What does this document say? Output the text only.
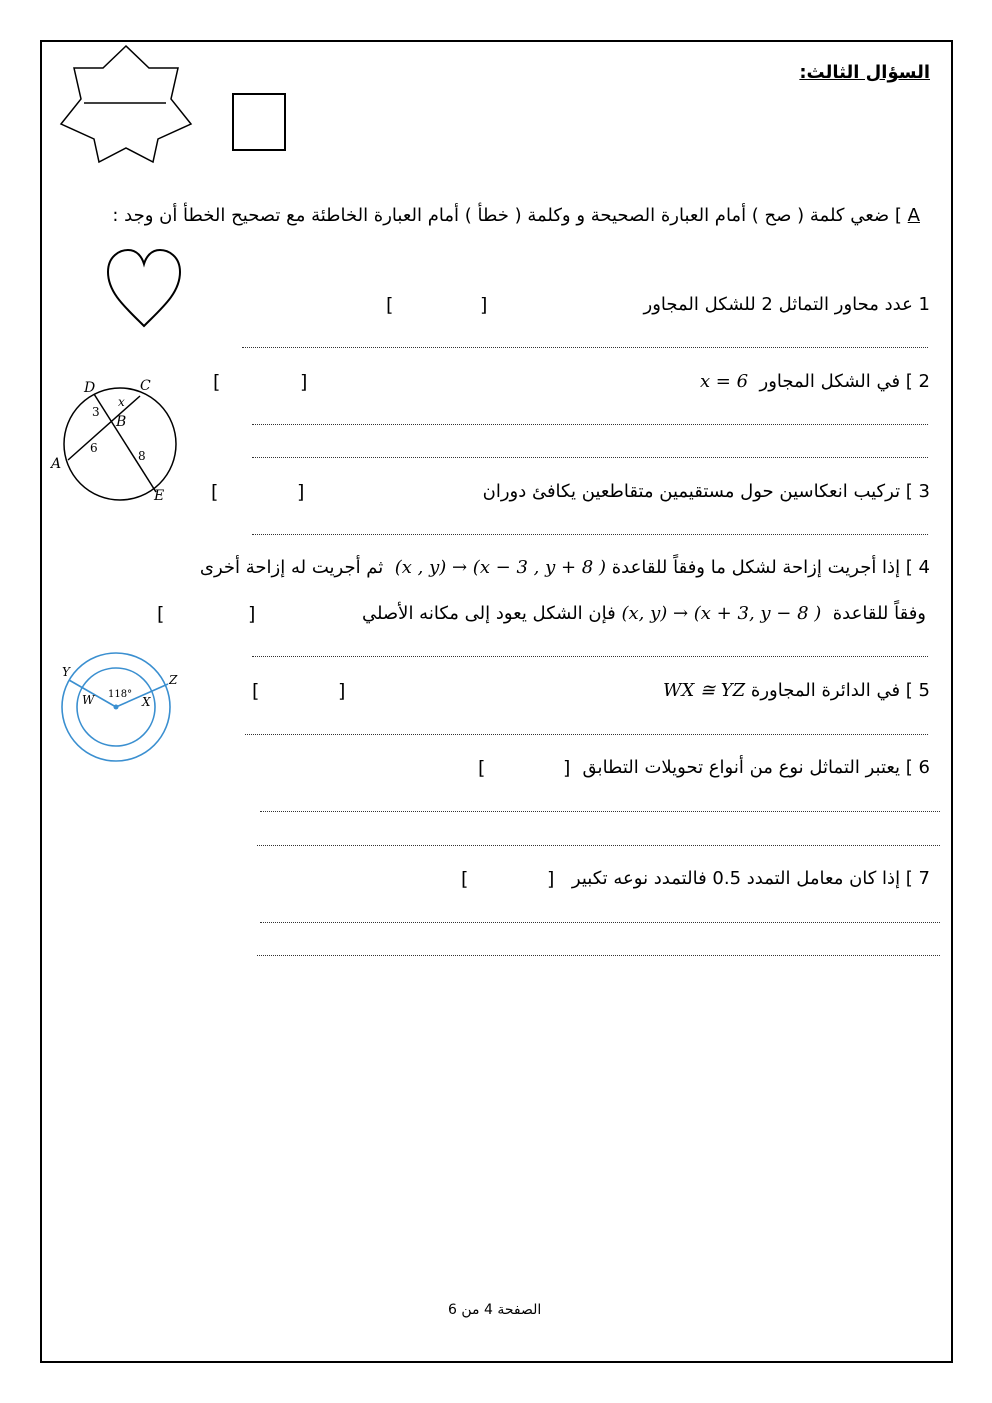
السؤال الثالث:
A ] ضعي كلمة ( صح ) أمام العبارة الصحيحة و وكلمة ( خطأ ) أمام العبارة الخاطئة مع تصحيح الخطأ أن وجد :
1 عدد محاور التماثل 2 للشكل المجاور
[	]
2 ] في الشكل المجاور  x = 6
[	]
D	C
x
3
B
6
A	8
E	3 ] تركيب انعكاسين حول مستقيمين متقاطعين يكافئ دوران
[	]
4 ] إذا أجريت إزاحة لشكل ما وفقاً للقاعدة (x , y) → (x − 3 , y + 8 )  ثم أجريت له إزاحة أخرى
وفقاً للقاعدة  (x, y) → (x + 3, y − 8 ) فإن الشكل يعود إلى مكانه الأصلي
[	]
5 ] في الدائرة المجاورة WX ≅ YZ
[	]
Y
Z
W	X
118°
6 ] يعتبر التماثل نوع من أنواع تحويلات التطابق
[	]
7 ] إذا كان معامل التمدد 0.5 فالتمدد نوعه تكبير
[	]
الصفحة 4 من 6
